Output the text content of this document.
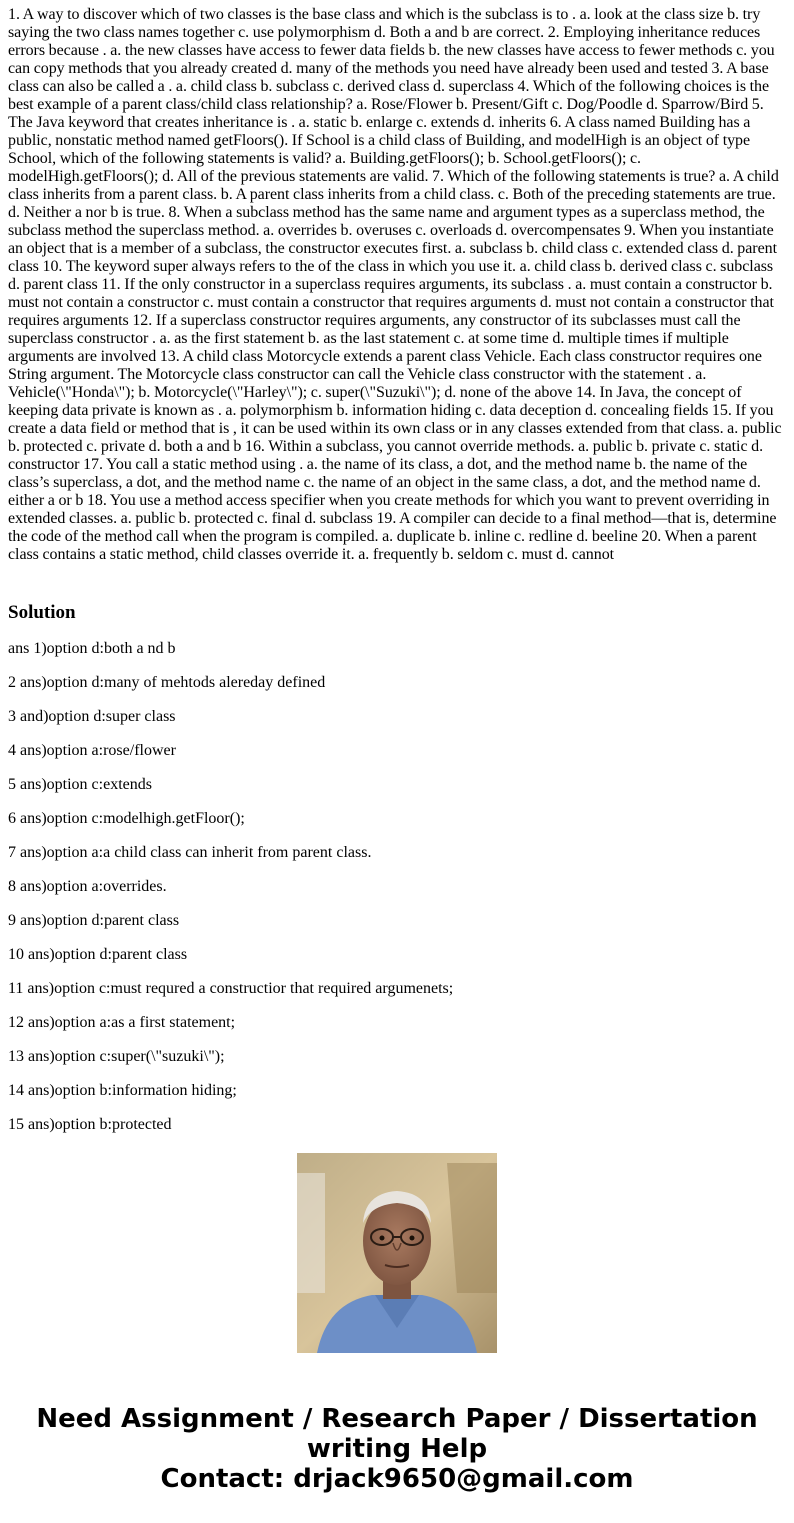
1. A way to discover which of two classes is the base class and which is the subclass is to . a. look at the class size b. try saying the two class names together c. use polymorphism d. Both a and b are correct. 2. Employing inheritance reduces errors because . a. the new classes have access to fewer data fields b. the new classes have access to fewer methods c. you can copy methods that you already created d. many of the methods you need have already been used and tested 3. A base class can also be called a . a. child class b. subclass c. derived class d. superclass 4. Which of the following choices is the best example of a parent class/child class relationship? a. Rose/Flower b. Present/Gift c. Dog/Poodle d. Sparrow/Bird 5. The Java keyword that creates inheritance is . a. static b. enlarge c. extends d. inherits 6. A class named Building has a public, nonstatic method named getFloors(). If School is a child class of Building, and modelHigh is an object of type School, which of the following statements is valid? a. Building.getFloors(); b. School.getFloors(); c. modelHigh.getFloors(); d. All of the previous statements are valid. 7. Which of the following statements is true? a. A child class inherits from a parent class. b. A parent class inherits from a child class. c. Both of the preceding statements are true. d. Neither a nor b is true. 8. When a subclass method has the same name and argument types as a superclass method, the subclass method the superclass method. a. overrides b. overuses c. overloads d. overcompensates 9. When you instantiate an object that is a member of a subclass, the constructor executes first. a. subclass b. child class c. extended class d. parent class 10. The keyword super always refers to the of the class in which you use it. a. child class b. derived class c. subclass d. parent class 11. If the only constructor in a superclass requires arguments, its subclass . a. must contain a constructor b. must not contain a constructor c. must contain a constructor that requires arguments d. must not contain a constructor that requires arguments 12. If a superclass constructor requires arguments, any constructor of its subclasses must call the superclass constructor . a. as the first statement b. as the last statement c. at some time d. multiple times if multiple arguments are involved 13. A child class Motorcycle extends a parent class Vehicle. Each class constructor requires one String argument. The Motorcycle class constructor can call the Vehicle class constructor with the statement . a. Vehicle(\"Honda\"); b. Motorcycle(\"Harley\"); c. super(\"Suzuki\"); d. none of the above 14. In Java, the concept of keeping data private is known as . a. polymorphism b. information hiding c. data deception d. concealing fields 15. If you create a data field or method that is , it can be used within its own class or in any classes extended from that class. a. public b. protected c. private d. both a and b 16. Within a subclass, you cannot override methods. a. public b. private c. static d. constructor 17. You call a static method using . a. the name of its class, a dot, and the method name b. the name of the class’s superclass, a dot, and the method name c. the name of an object in the same class, a dot, and the method name d. either a or b 18. You use a method access specifier when you create methods for which you want to prevent overriding in extended classes. a. public b. protected c. final d. subclass 19. A compiler can decide to a final method—that is, determine the code of the method call when the program is compiled. a. duplicate b. inline c. redline d. beeline 20. When a parent class contains a static method, child classes override it. a. frequently b. seldom c. must d. cannot

Solution

ans 1)option d:both a nd b

2 ans)option d:many of mehtods alereday defined

3 and)option d:super class

4 ans)option a:rose/flower

5 ans)option c:extends

6 ans)option c:modelhigh.getFloor();

7 ans)option a:a child class can inherit from parent class.

8 ans)option a:overrides.

9 ans)option d:parent class

10 ans)option d:parent class

11 ans)option c:must requred a constructior that required argumenets;

12 ans)option a:as a first statement;

13 ans)option c:super(\"suzuki\");

14 ans)option b:information hiding;

15 ans)option b:protected

Need Assignment / Research Paper / Dissertation
writing Help
Contact: drjack9650@gmail.com
